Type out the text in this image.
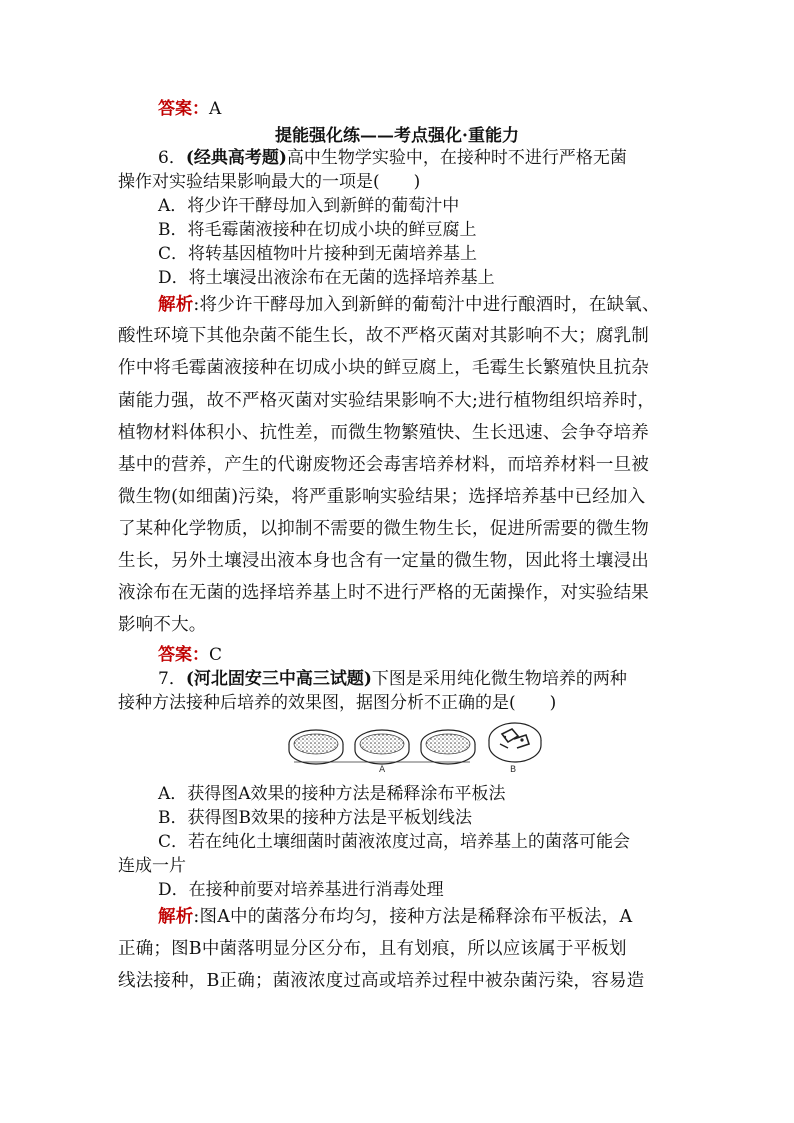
答案：A
提能强化练——考点强化·重能力
6．(经典高考题)高中生物学实验中，在接种时不进行严格无菌
操作对实验结果影响最大的一项是(　　)
A．将少许干酵母加入到新鲜的葡萄汁中
B．将毛霉菌液接种在切成小块的鲜豆腐上
C．将转基因植物叶片接种到无菌培养基上
D．将土壤浸出液涂布在无菌的选择培养基上
解析:将少许干酵母加入到新鲜的葡萄汁中进行酿酒时，在缺氧、
酸性环境下其他杂菌不能生长，故不严格灭菌对其影响不大；腐乳制
作中将毛霉菌液接种在切成小块的鲜豆腐上，毛霉生长繁殖快且抗杂
菌能力强，故不严格灭菌对实验结果影响不大;进行植物组织培养时，
植物材料体积小、抗性差，而微生物繁殖快、生长迅速、会争夺培养
基中的营养，产生的代谢废物还会毒害培养材料，而培养材料一旦被
微生物(如细菌)污染，将严重影响实验结果；选择培养基中已经加入
了某种化学物质，以抑制不需要的微生物生长，促进所需要的微生物
生长，另外土壤浸出液本身也含有一定量的微生物，因此将土壤浸出
液涂布在无菌的选择培养基上时不进行严格的无菌操作，对实验结果
影响不大。
答案：C
7．(河北固安三中高三试题)下图是采用纯化微生物培养的两种
接种方法接种后培养的效果图，据图分析不正确的是(　　)
A	B
A．获得图A效果的接种方法是稀释涂布平板法
B．获得图B效果的接种方法是平板划线法
C．若在纯化土壤细菌时菌液浓度过高，培养基上的菌落可能会
连成一片
D．在接种前要对培养基进行消毒处理
解析:图A中的菌落分布均匀，接种方法是稀释涂布平板法，A
正确；图B中菌落明显分区分布，且有划痕，所以应该属于平板划
线法接种，B正确；菌液浓度过高或培养过程中被杂菌污染，容易造
